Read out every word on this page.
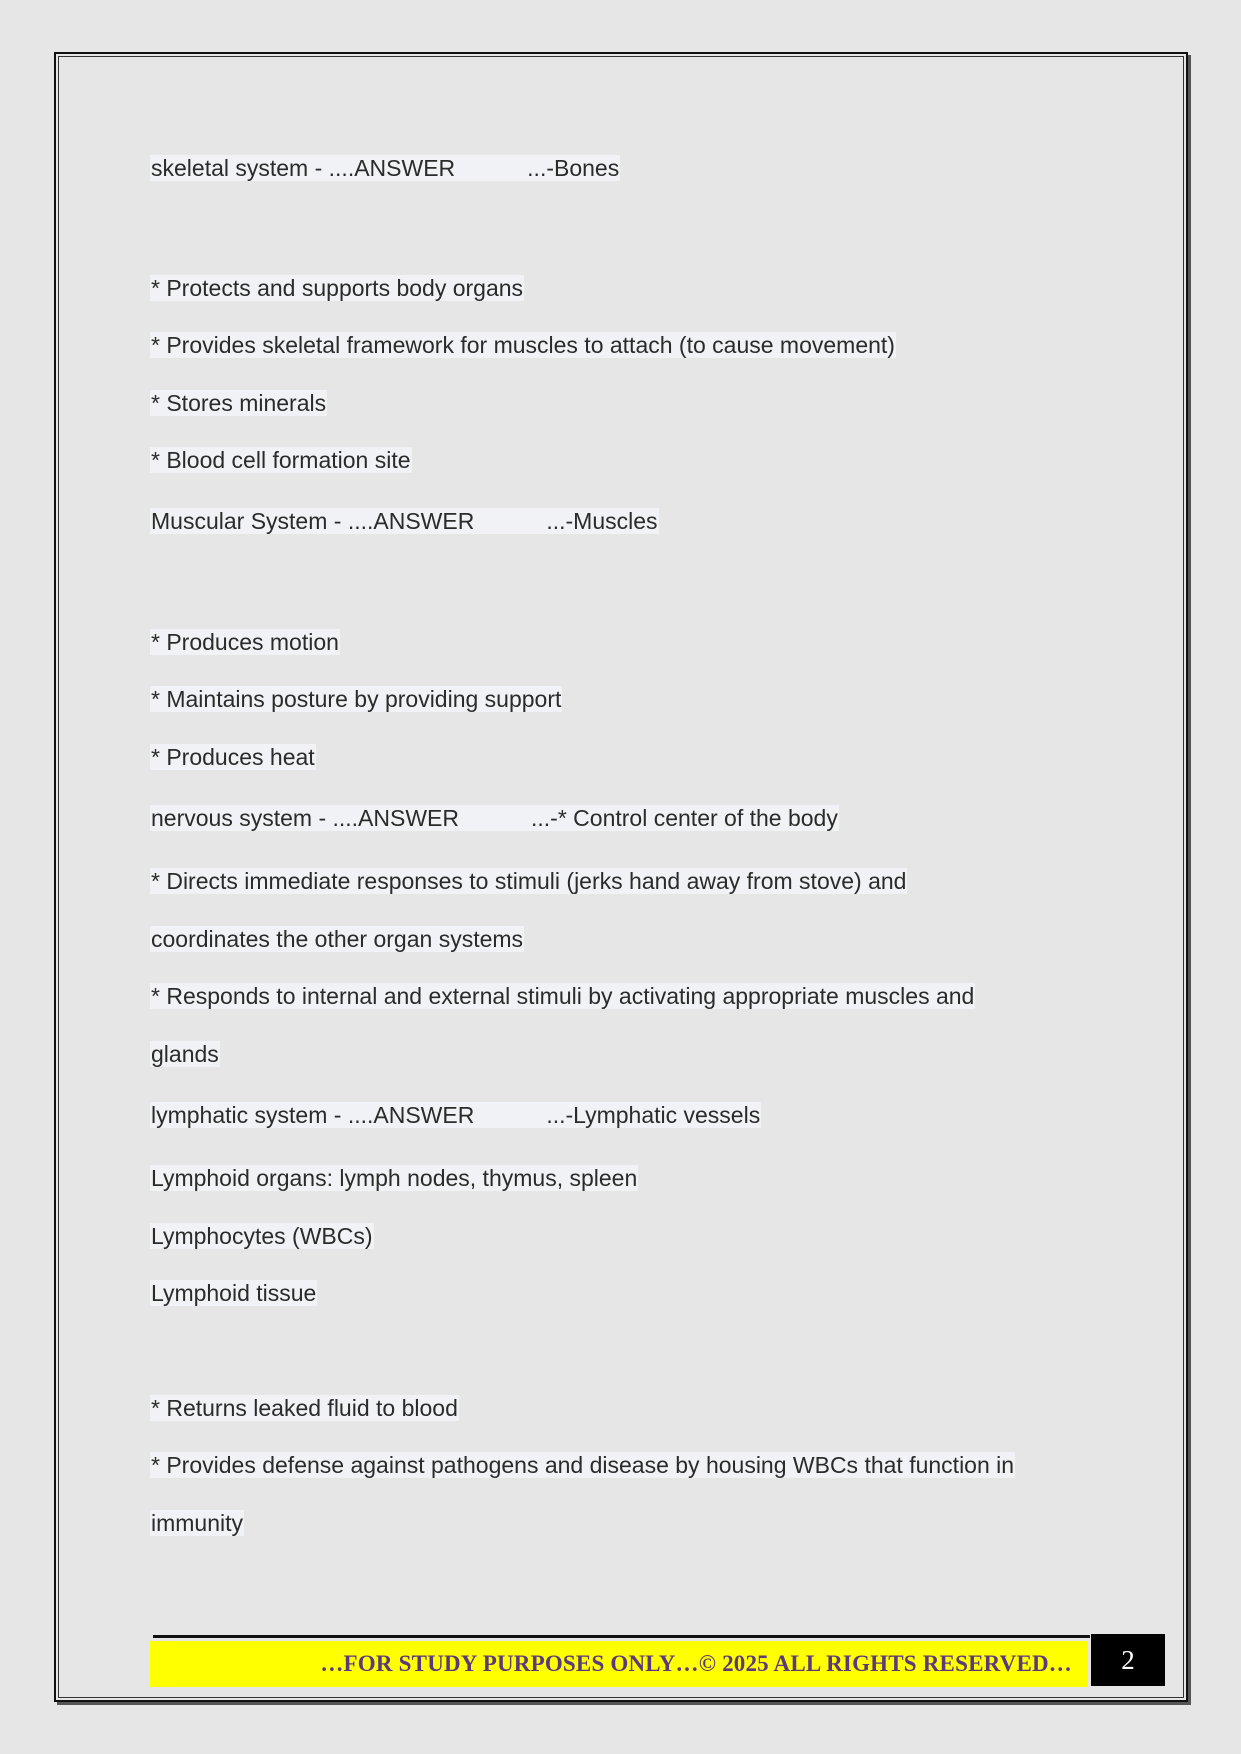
skeletal system - ....ANSWER	...-Bones
* Protects and supports body organs
* Provides skeletal framework for muscles to attach (to cause movement)
* Stores minerals
* Blood cell formation site
Muscular System - ....ANSWER	...-Muscles
* Produces motion
* Maintains posture by providing support
* Produces heat
nervous system - ....ANSWER	...-* Control center of the body
* Directs immediate responses to stimuli (jerks hand away from stove) and
coordinates the other organ systems
* Responds to internal and external stimuli by activating appropriate muscles and
glands
lymphatic system - ....ANSWER	...-Lymphatic vessels
Lymphoid organs: lymph nodes, thymus, spleen
Lymphocytes (WBCs)
Lymphoid tissue
* Returns leaked fluid to blood
* Provides defense against pathogens and disease by housing WBCs that function in
immunity
…FOR STUDY PURPOSES ONLY…© 2025 ALL RIGHTS RESERVED…	2
